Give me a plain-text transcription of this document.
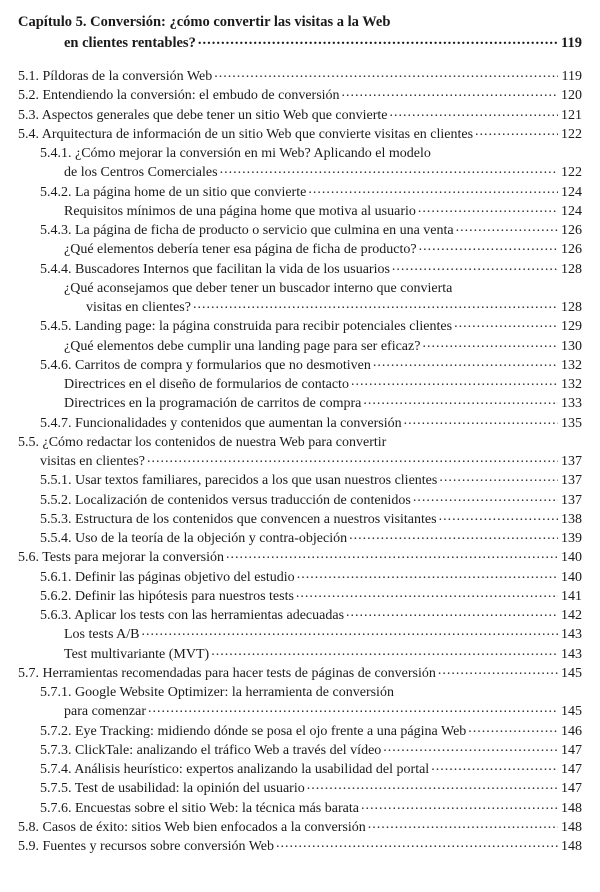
Capítulo 5. Conversión: ¿cómo convertir las visitas a la Web
en clientes rentables? .....	119
5.1. Píldoras de la conversión Web .....	119
5.2. Entendiendo la conversión: el embudo de conversión .....	120
5.3. Aspectos generales que debe tener un sitio Web que convierte .....	121
5.4. Arquitectura de información de un sitio Web que convierte visitas en clientes .....	122
5.4.1. ¿Cómo mejorar la conversión en mi Web? Aplicando el modelo
de los Centros Comerciales .....	122
5.4.2. La página home de un sitio que convierte .....	124
Requisitos mínimos de una página home que motiva al usuario .....	124
5.4.3. La página de ficha de producto o servicio que culmina en una venta .....	126
¿Qué elementos debería tener esa página de ficha de producto? .....	126
5.4.4. Buscadores Internos que facilitan la vida de los usuarios .....	128
¿Qué aconsejamos que deber tener un buscador interno que convierta
visitas en clientes? .....	128
5.4.5. Landing page: la página construida para recibir potenciales clientes .....	129
¿Qué elementos debe cumplir una landing page para ser eficaz? .....	130
5.4.6. Carritos de compra y formularios que no desmotiven .....	132
Directrices en el diseño de formularios de contacto .....	132
Directrices en la programación de carritos de compra .....	133
5.4.7. Funcionalidades y contenidos que aumentan la conversión .....	135
5.5. ¿Cómo redactar los contenidos de nuestra Web para convertir
visitas en clientes? .....	137
5.5.1. Usar textos familiares, parecidos a los que usan nuestros clientes .....	137
5.5.2. Localización de contenidos versus traducción de contenidos .....	137
5.5.3. Estructura de los contenidos que convencen a nuestros visitantes .....	138
5.5.4. Uso de la teoría de la objeción y contra-objeción .....	139
5.6. Tests para mejorar la conversión .....	140
5.6.1. Definir las páginas objetivo del estudio .....	140
5.6.2. Definir las hipótesis para nuestros tests .....	141
5.6.3. Aplicar los tests con las herramientas adecuadas .....	142
Los tests A/B .....	143
Test multivariante (MVT) .....	143
5.7. Herramientas recomendadas para hacer tests de páginas de conversión .....	145
5.7.1. Google Website Optimizer: la herramienta de conversión
para comenzar .....	145
5.7.2. Eye Tracking: midiendo dónde se posa el ojo frente a una página Web .....	146
5.7.3. ClickTale: analizando el tráfico Web a través del vídeo .....	147
5.7.4. Análisis heurístico: expertos analizando la usabilidad del portal .....	147
5.7.5. Test de usabilidad: la opinión del usuario .....	147
5.7.6. Encuestas sobre el sitio Web: la técnica más barata .....	148
5.8. Casos de éxito: sitios Web bien enfocados a la conversión .....	148
5.9. Fuentes y recursos sobre conversión Web .....	148
